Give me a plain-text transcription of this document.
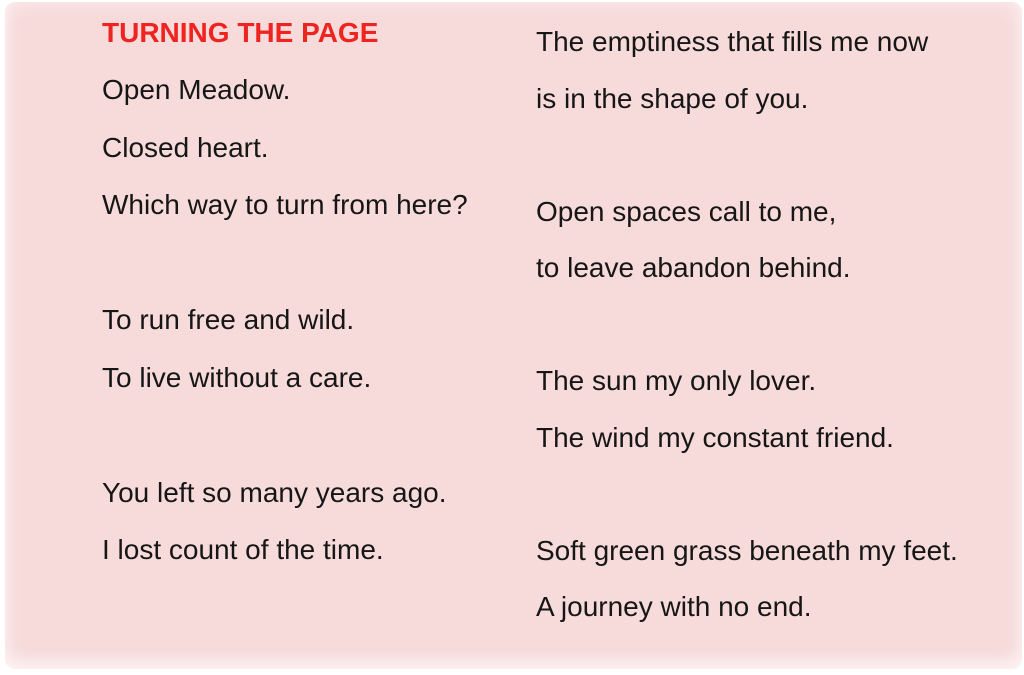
TURNING THE PAGE
Open Meadow.
Closed heart.
Which way to turn from here?
To run free and wild.
To live without a care.
You left so many years ago.
I lost count of the time.
The emptiness that fills me now
is in the shape of you.
Open spaces call to me,
to leave abandon behind.
The sun my only lover.
The wind my constant friend.
Soft green grass beneath my feet.
A journey with no end.
